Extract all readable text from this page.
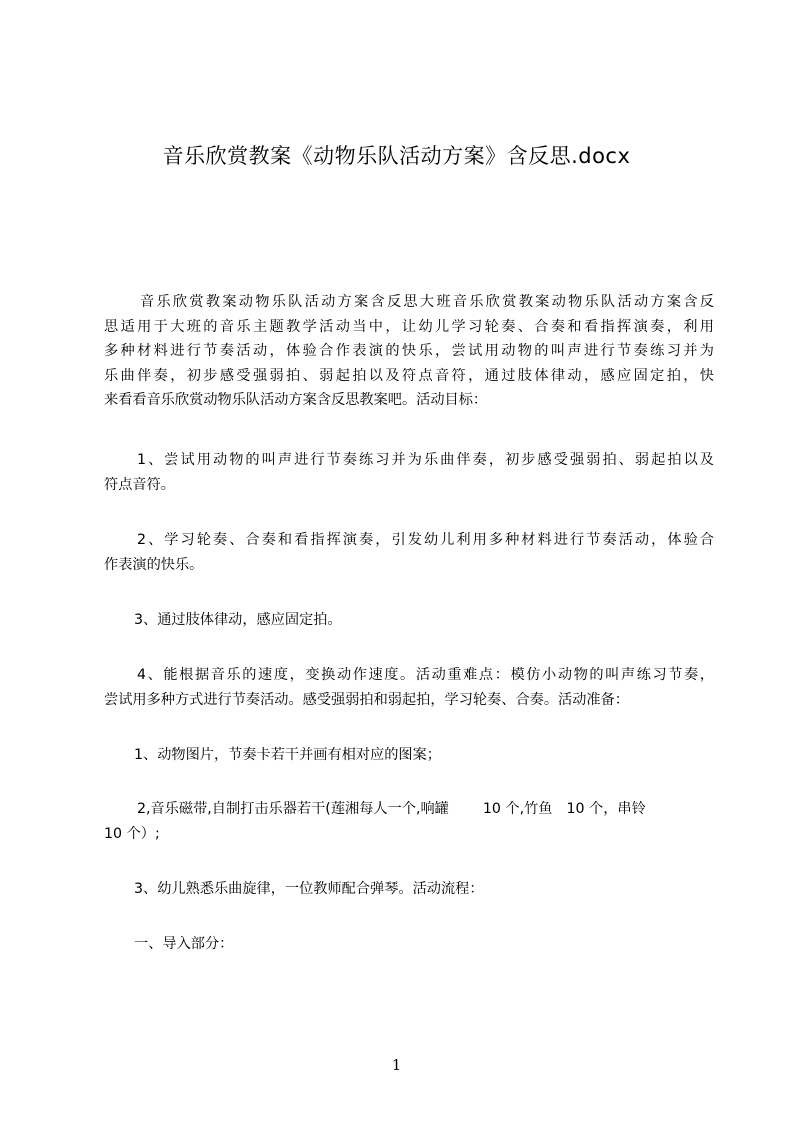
音乐欣赏教案《动物乐队活动方案》含反思.docx
音乐欣赏教案动物乐队活动方案含反思大班音乐欣赏教案动物乐队活动方案含反
思适用于大班的音乐主题教学活动当中，让幼儿学习轮奏、合奏和看指挥演奏，利用
多种材料进行节奏活动，体验合作表演的快乐，尝试用动物的叫声进行节奏练习并为
乐曲伴奏，初步感受强弱拍、弱起拍以及符点音符，通过肢体律动，感应固定拍，快
来看看音乐欣赏动物乐队活动方案含反思教案吧。活动目标：
1、尝试用动物的叫声进行节奏练习并为乐曲伴奏，初步感受强弱拍、弱起拍以及
符点音符。
2、学习轮奏、合奏和看指挥演奏，引发幼儿利用多种材料进行节奏活动，体验合
作表演的快乐。
3、通过肢体律动，感应固定拍。
4、能根据音乐的速度，变换动作速度。活动重难点：模仿小动物的叫声练习节奏，
尝试用多种方式进行节奏活动。感受强弱拍和弱起拍，学习轮奏、合奏。活动准备：
1、动物图片，节奏卡若干并画有相对应的图案；
2,音乐磁带,自制打击乐器若干(莲湘每人一个,响罐 10 个,竹鱼 10 个，串铃
10 个）;
3、幼儿熟悉乐曲旋律，一位教师配合弹琴。活动流程：
一、导入部分：
1
